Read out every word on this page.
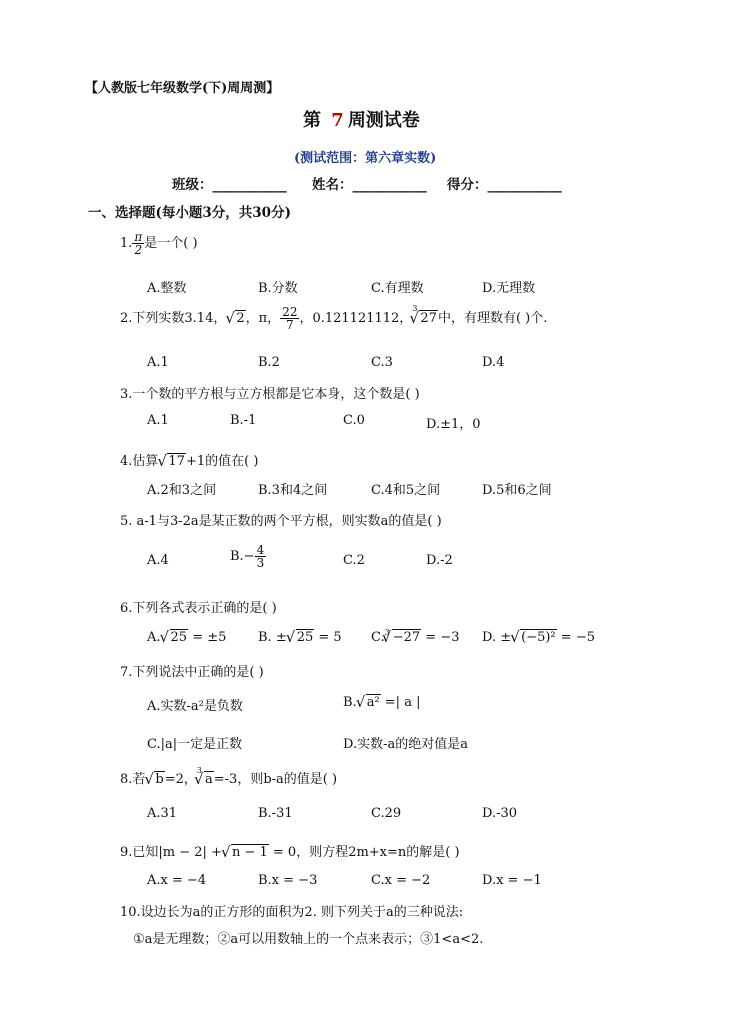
【人教版七年级数学(下)周周测】
第 7 周测试卷
(测试范围：第六章实数)
班级：___________ 姓名：___________ 得分：___________
一、选择题(每小题3分，共30分)
1. $\frac{\pi}{2}$ 是一个( )
A.整数	B.分数	C.有理数	D.无理数
2.下列实数3.14， √ 2，π， $\frac{22}{7}$ ，0.121121112，$^3$√ 27中，有理数有( )个.
A.1	B.2	C.3	D.4
3.一个数的平方根与立方根都是它本身，这个数是( )
A.1	B.-1	C.0	D.±1，0
4.估算 √ 17+1的值在( )
A.2和3之间	B.3和4之间	C.4和5之间	D.5和6之间
5. a-1与3-2a是某正数的两个平方根，则实数a的值是( )
A.4	$B.- \frac{4}{3}$	C.2	D.-2
6.下列各式表示正确的是( )
A. √ 25 = ±5 B. ± √ 25 = 5 C.$^3$ √ −27 = −3 D. ± √ (−5)² = −5
7.下列说法中正确的是( )
A.实数-a²是负数	B. √ a² =| a |
C.|a|一定是正数	D.实数-a的绝对值是a
8.若 √ b=2，$^3$√ a=-3，则b-a的值是( )
A.31	B.-31	C.29	D.-30
9.已知|m − 2| + √ n − 1 = 0，则方程2m+x=n的解是( )
A.x = −4	B.x = −3	C.x = −2	D.x = −1
10.设边长为a的正方形的面积为2. 则下列关于a的三种说法:
①a是无理数；②a可以用数轴上的一个点来表示；③1<a<2.
